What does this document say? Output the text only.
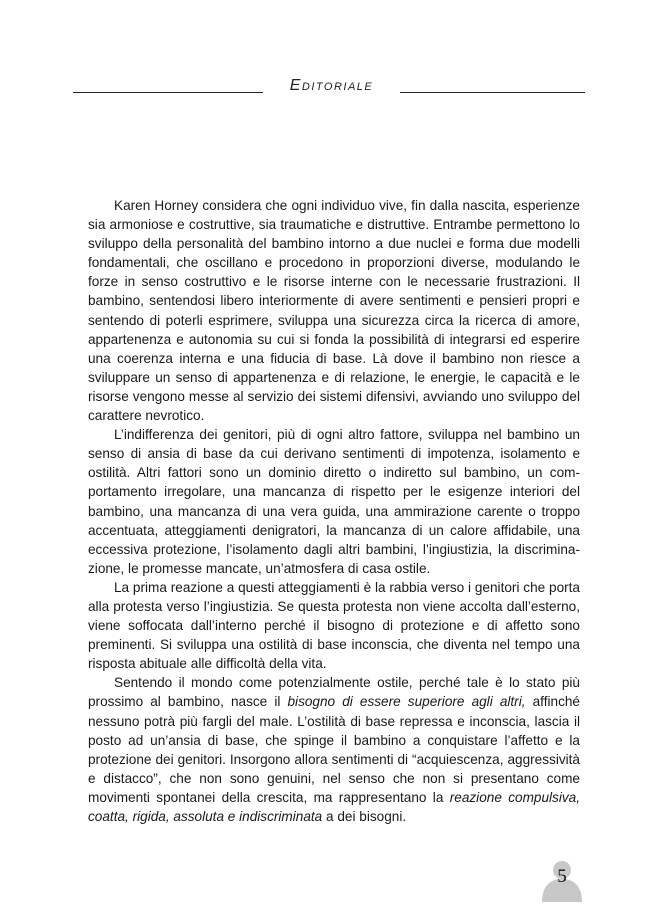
Editoriale

Karen Horney considera che ogni individuo vive, fin dalla nascita, esperienze sia armoniose e costruttive, sia traumatiche e distruttive. Entrambe permettono lo sviluppo della personalità del bambino intorno a due nuclei e forma due modelli fondamentali, che oscillano e procedono in proporzioni diverse, modulando le forze in senso costruttivo e le risorse interne con le necessarie frustrazioni. Il bambino, sentendosi libero interiormente di avere sentimenti e pensieri propri e sentendo di poterli esprimere, sviluppa una sicurezza circa la ricerca di amore, appartenenza e autonomia su cui si fonda la possibilità di integrarsi ed esperire una coerenza interna e una fiducia di base. Là dove il bambino non riesce a sviluppare un senso di appartenenza e di relazione, le energie, le capacità e le risorse vengono messe al servizio dei sistemi difensivi, avviando uno sviluppo del carattere nevrotico.

L’indifferenza dei genitori, più di ogni altro fattore, sviluppa nel bambino un senso di ansia di base da cui derivano sentimenti di impotenza, isolamento e ostilità. Altri fattori sono un dominio diretto o indiretto sul bambino, un comportamento irregolare, una mancanza di rispetto per le esigenze interiori del bambino, una mancanza di una vera guida, una ammirazione carente o troppo accentuata, atteggiamenti denigratori, la mancanza di un calore affidabile, una eccessiva protezione, l’isolamento dagli altri bambini, l’ingiustizia, la discriminazione, le promesse mancate, un’atmosfera di casa ostile.

La prima reazione a questi atteggiamenti è la rabbia verso i genitori che porta alla protesta verso l’ingiustizia. Se questa protesta non viene accolta dall’esterno, viene soffocata dall’interno perché il bisogno di protezione e di affetto sono preminenti. Si sviluppa una ostilità di base inconscia, che diventa nel tempo una risposta abituale alle difficoltà della vita.

Sentendo il mondo come potenzialmente ostile, perché tale è lo stato più prossimo al bambino, nasce il bisogno di essere superiore agli altri, affinché nessuno potrà più fargli del male. L’ostilità di base repressa e inconscia, lascia il posto ad un’ansia di base, che spinge il bambino a conquistare l’affetto e la protezione dei genitori. Insorgono allora sentimenti di “acquiescenza, aggressività e distacco”, che non sono genuini, nel senso che non si presentano come movimenti spontanei della crescita, ma rappresentano la reazione compulsiva, coatta, rigida, assoluta e indiscriminata a dei bisogni.

5
